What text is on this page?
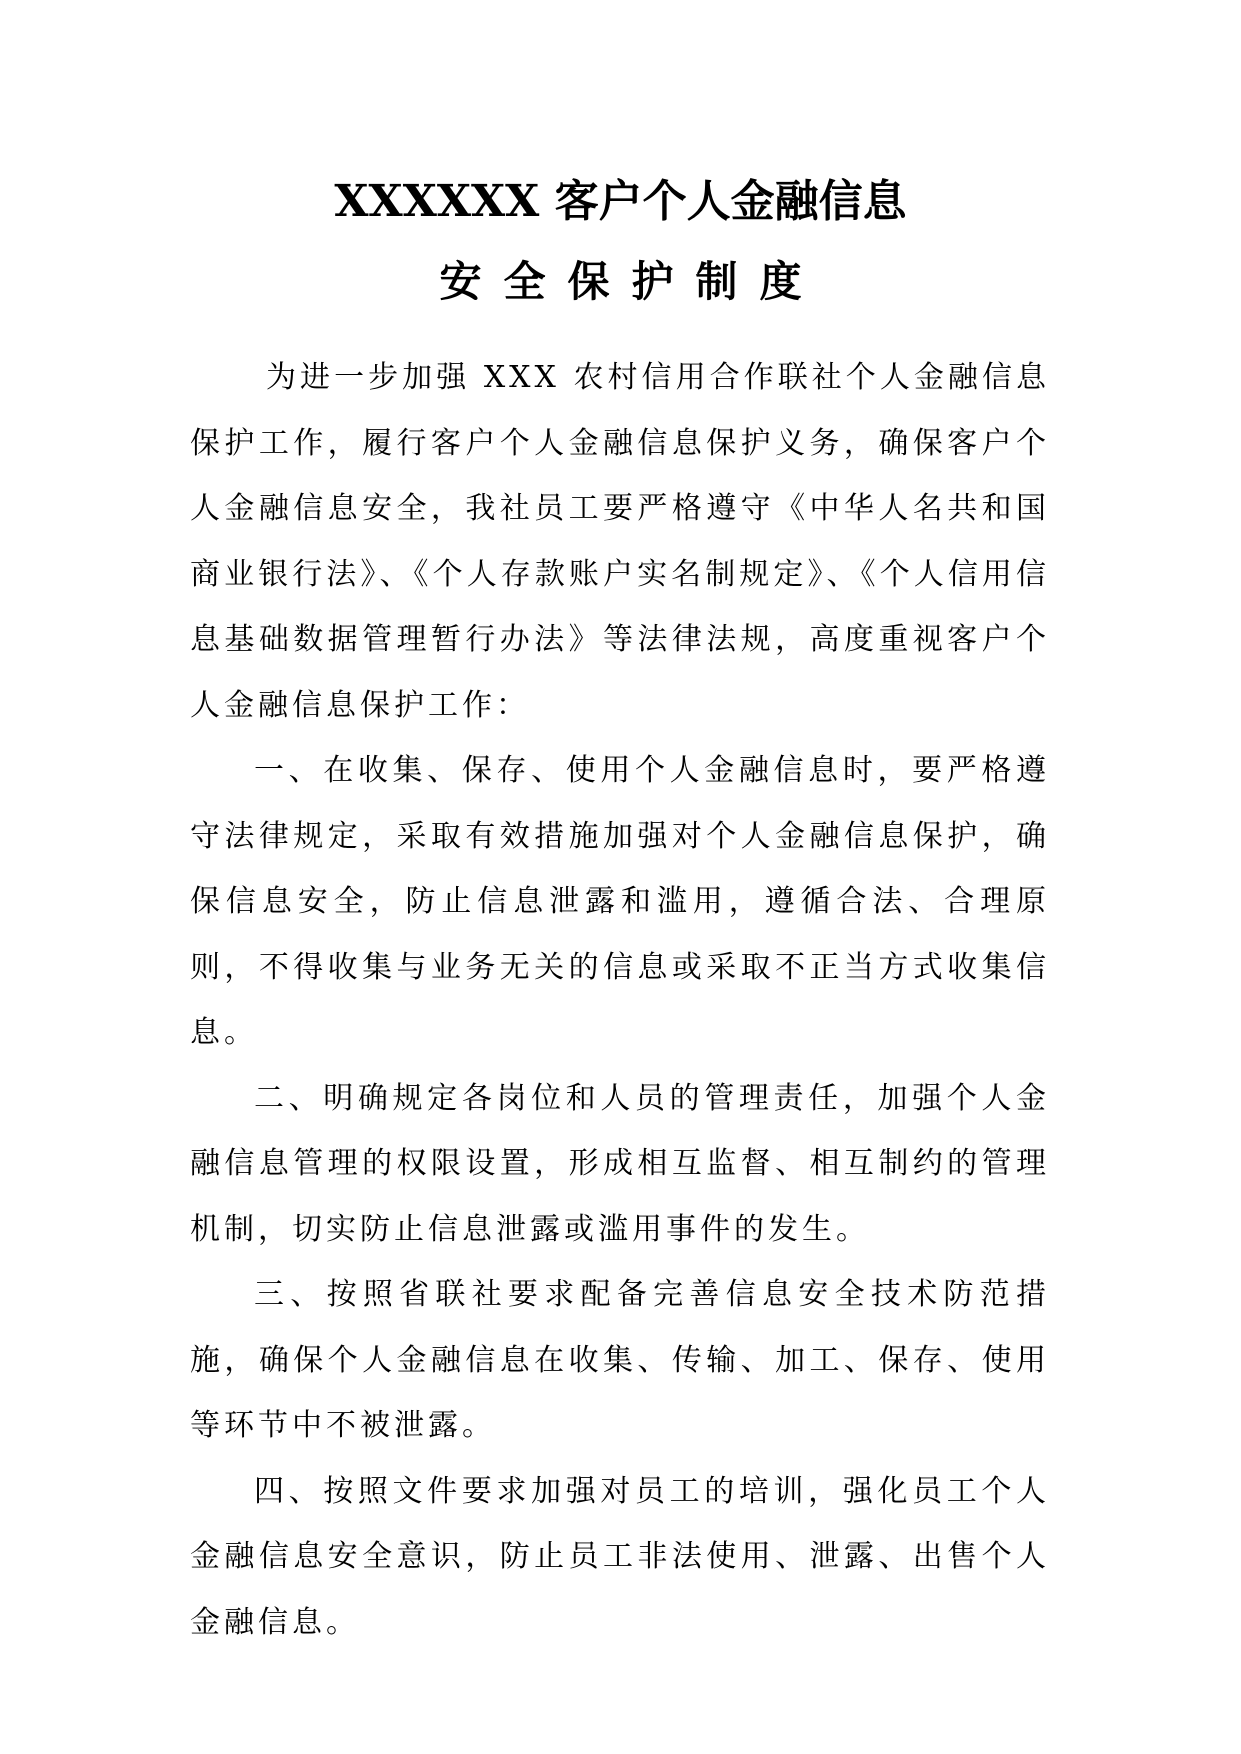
XXXXXX 客户个人金融信息
安全保护制度

为进一步加强 XXX 农村信用合作联社个人金融信息保护工作，履行客户个人金融信息保护义务，确保客户个人金融信息安全，我社员工要严格遵守《中华人名共和国商业银行法》、《个人存款账户实名制规定》、《个人信用信息基础数据管理暂行办法》等法律法规，高度重视客户个人金融信息保护工作：

一、在收集、保存、使用个人金融信息时，要严格遵守法律规定，采取有效措施加强对个人金融信息保护，确保信息安全，防止信息泄露和滥用，遵循合法、合理原则，不得收集与业务无关的信息或采取不正当方式收集信息。

二、明确规定各岗位和人员的管理责任，加强个人金融信息管理的权限设置，形成相互监督、相互制约的管理机制，切实防止信息泄露或滥用事件的发生。

三、按照省联社要求配备完善信息安全技术防范措施，确保个人金融信息在收集、传输、加工、保存、使用等环节中不被泄露。

四、按照文件要求加强对员工的培训，强化员工个人金融信息安全意识，防止员工非法使用、泄露、出售个人金融信息。
